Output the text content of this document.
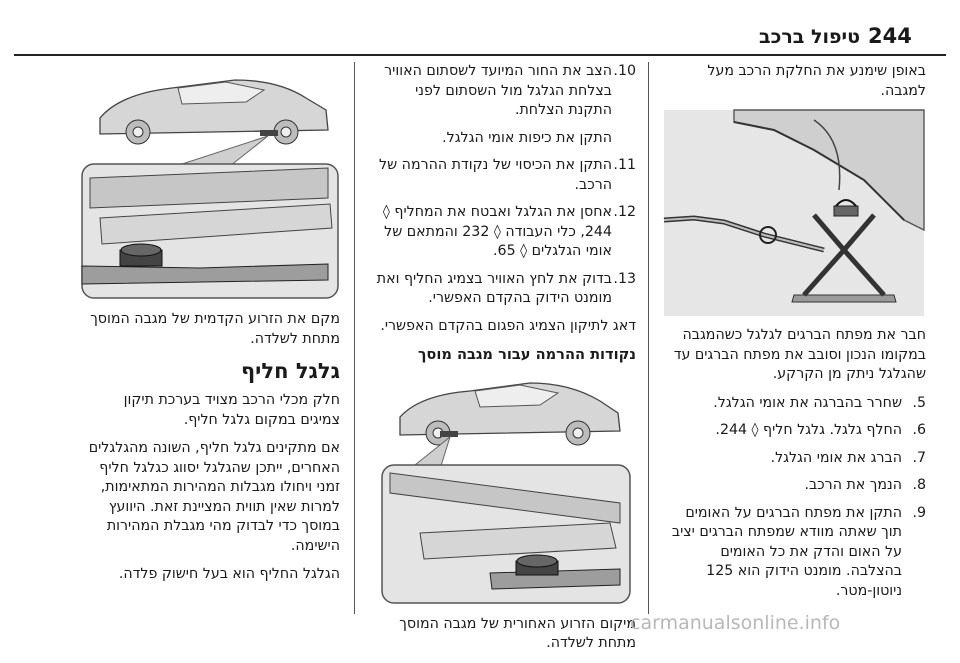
244
טיפול ברכב
באופן שימנע את החלקת הרכב מעל למגבה.
חבר את מפתח הברגים לגלגל כשהמגבה במקומו הנכון וסובב את מפתח הברגים עד שהגלגל ניתק מן הקרקע.
5.
שחרר בהברגה את אומי הגלגל.
6.
החלף גלגל. גלגל חליף ◊ 244.
7.
הברג את אומי הגלגל.
8.
הנמך את הרכב.
9.
התקן את מפתח הברגים על האומים תוך שאתה מוודא שמפתח הברגים יציב על האום והדק את כל האומים בהצלבה. מומנט הידוק הוא 125 ניוטון-מטר.
10.
הצב את החור המיועד לשסתום האוויר בצלחת הגלגל מול השסתום לפני התקנת הצלחת.
התקן את כיפות אומי הגלגל.
11.
התקן את הכיסוי של נקודת ההרמה של הרכב.
12.
אחסן את הגלגל ואבטח את המחליף ◊ 244, כלי העבודה ◊ 232 והמתאם של אומי הגלגלים ◊ 65.
13.
בדוק את לחץ האוויר בצמיג החליף ואת מומנט הידוק בהקדם האפשרי.
דאג לתיקון הצמיג הפגום בהקדם האפשרי.
נקודות ההרמה עבור מגבה מוסך
מיקום הזרוע האחורית של מגבה המוסך מתחת לשלדה.
מקם את הזרוע הקדמית של מגבה המוסך מתחת לשלדה.
גלגל חליף
חלק מכלי הרכב מצויד בערכת תיקון צמיגים במקום גלגל חליף.
אם מתקינים גלגל חליף, השונה מהגלגלים האחרים, ייתכן שהגלגל יסווג כגלגל חליף זמני ויחולו מגבלות המהירות המתאימות, למרות שאין תווית המציינת זאת. היוועץ במוסך כדי לבדוק מהי מגבלת המהירות הישימה.
הגלגל החליף הוא בעל חישוק פלדה.
carmanualsonline.info
